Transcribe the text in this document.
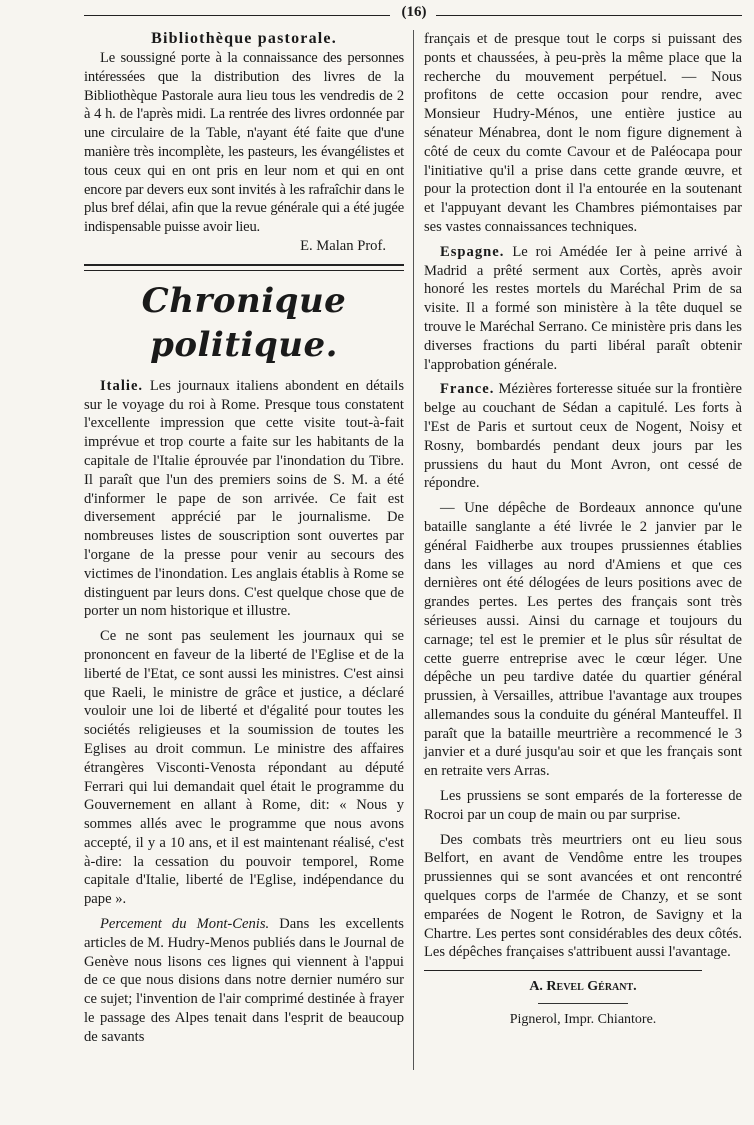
(16)
Bibliothèque pastorale.

Le soussigné porte à la connaissance des personnes intéressées que la distribution des livres de la Bibliothèque Pastorale aura lieu tous les vendredis de 2 à 4 h. de l'après midi. La rentrée des livres ordonnée par une circulaire de la Table, n'ayant été faite que d'une manière très incomplète, les pasteurs, les évangélistes et tous ceux qui en ont pris en leur nom et qui en ont encore par devers eux sont invités à les rafraîchir dans le plus bref délai, afin que la revue générale qui a été jugée indispensable puisse avoir lieu.

E. Malan Prof.

Chronique politique.

Italie. Les journaux italiens abondent en détails sur le voyage du roi à Rome. Presque tous constatent l'excellente impression que cette visite tout-à-fait imprévue et trop courte a faite sur les habitants de la capitale de l'Italie éprouvée par l'inondation du Tibre. Il paraît que l'un des premiers soins de S. M. a été d'informer le pape de son arrivée. Ce fait est diversement apprécié par le journalisme. De nombreuses listes de souscription sont ouvertes par l'organe de la presse pour venir au secours des victimes de l'inondation. Les anglais établis à Rome se distinguent par leurs dons. C'est quelque chose que de porter un nom historique et illustre.

Ce ne sont pas seulement les journaux qui se prononcent en faveur de la liberté de l'Eglise et de la liberté de l'Etat, ce sont aussi les ministres. C'est ainsi que Raeli, le ministre de grâce et justice, a déclaré vouloir une loi de liberté et d'égalité pour toutes les sociétés religieuses et la soumission de toutes les Eglises au droit commun. Le ministre des affaires étrangères Visconti-Venosta répondant au député Ferrari qui lui demandait quel était le programme du Gouvernement en allant à Rome, dit: « Nous y sommes allés avec le programme que nous avons accepté, il y a 10 ans, et il est maintenant réalisé, c'est à-dire: la cessation du pouvoir temporel, Rome capitale d'Italie, liberté de l'Eglise, indépendance du pape ».

Percement du Mont-Cenis. Dans les excellents articles de M. Hudry-Menos publiés dans le Journal de Genève nous lisons ces lignes qui viennent à l'appui de ce que nous disions dans notre dernier numéro sur ce sujet; l'invention de l'air comprimé destinée à frayer le passage des Alpes tenait dans l'esprit de beaucoup de savants

français et de presque tout le corps si puissant des ponts et chaussées, à peu-près la même place que la recherche du mouvement perpétuel. — Nous profitons de cette occasion pour rendre, avec Monsieur Hudry-Ménos, une entière justice au sénateur Ménabrea, dont le nom figure dignement à côté de ceux du comte Cavour et de Paléocapa pour l'initiative qu'il a prise dans cette grande œuvre, et pour la protection dont il l'a entourée en la soutenant et l'appuyant devant les Chambres piémontaises par ses vastes connaissances techniques.

Espagne. Le roi Amédée Ier à peine arrivé à Madrid a prêté serment aux Cortès, après avoir honoré les restes mortels du Maréchal Prim de sa visite. Il a formé son ministère à la tête duquel se trouve le Maréchal Serrano. Ce ministère pris dans les diverses fractions du parti libéral paraît obtenir l'approbation générale.

France. Mézières forteresse située sur la frontière belge au couchant de Sédan a capitulé. Les forts à l'Est de Paris et surtout ceux de Nogent, Noisy et Rosny, bombardés pendant deux jours par les prussiens du haut du Mont Avron, ont cessé de répondre.

— Une dépêche de Bordeaux annonce qu'une bataille sanglante a été livrée le 2 janvier par le général Faidherbe aux troupes prussiennes établies dans les villages au nord d'Amiens et que ces dernières ont été délogées de leurs positions avec de grandes pertes. Les pertes des français sont très sérieuses aussi. Ainsi du carnage et toujours du carnage; tel est le premier et le plus sûr résultat de cette guerre entreprise avec le cœur léger. Une dépêche un peu tardive datée du quartier général prussien, à Versailles, attribue l'avantage aux troupes allemandes sous la conduite du général Manteuffel. Il paraît que la bataille meurtrière a recommencé le 3 janvier et a duré jusqu'au soir et que les français sont en retraite vers Arras.

Les prussiens se sont emparés de la forteresse de Rocroi par un coup de main ou par surprise.

Des combats très meurtriers ont eu lieu sous Belfort, en avant de Vendôme entre les troupes prussiennes qui se sont avancées et ont rencontré quelques corps de l'armée de Chanzy, et se sont emparées de Nogent le Rotron, de Savigny et la Chartre. Les pertes sont considérables des deux côtés. Les dépêches françaises s'attribuent aussi l'avantage.

A. Revel Gérant.
Pignerol, Impr. Chiantore.
